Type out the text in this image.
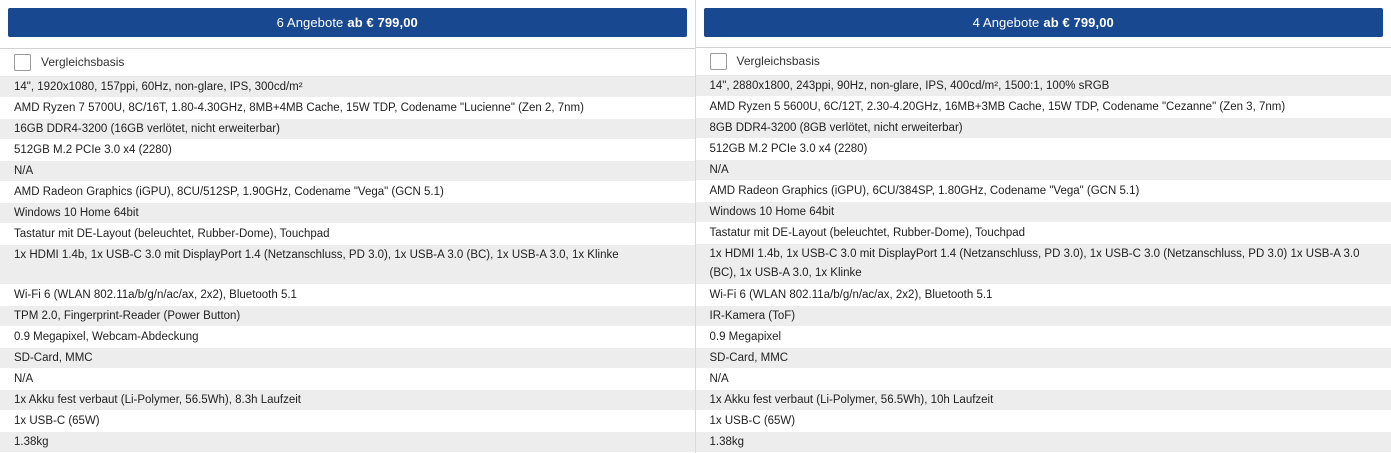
6 Angebote ab € 799,00
Vergleichsbasis
14", 1920x1080, 157ppi, 60Hz, non-glare, IPS, 300cd/m²
AMD Ryzen 7 5700U, 8C/16T, 1.80-4.30GHz, 8MB+4MB Cache, 15W TDP, Codename "Lucienne" (Zen 2, 7nm)
16GB DDR4-3200 (16GB verlötet, nicht erweiterbar)
512GB M.2 PCIe 3.0 x4 (2280)
N/A
AMD Radeon Graphics (iGPU), 8CU/512SP, 1.90GHz, Codename "Vega" (GCN 5.1)
Windows 10 Home 64bit
Tastatur mit DE-Layout (beleuchtet, Rubber-Dome), Touchpad
1x HDMI 1.4b, 1x USB-C 3.0 mit DisplayPort 1.4 (Netzanschluss, PD 3.0), 1x USB-A 3.0 (BC), 1x USB-A 3.0, 1x Klinke
Wi-Fi 6 (WLAN 802.11a/b/g/n/ac/ax, 2x2), Bluetooth 5.1
TPM 2.0, Fingerprint-Reader (Power Button)
0.9 Megapixel, Webcam-Abdeckung
SD-Card, MMC
N/A
1x Akku fest verbaut (Li-Polymer, 56.5Wh), 8.3h Laufzeit
1x USB-C (65W)
1.38kg
4 Angebote ab € 799,00
Vergleichsbasis
14", 2880x1800, 243ppi, 90Hz, non-glare, IPS, 400cd/m², 1500:1, 100% sRGB
AMD Ryzen 5 5600U, 6C/12T, 2.30-4.20GHz, 16MB+3MB Cache, 15W TDP, Codename "Cezanne" (Zen 3, 7nm)
8GB DDR4-3200 (8GB verlötet, nicht erweiterbar)
512GB M.2 PCIe 3.0 x4 (2280)
N/A
AMD Radeon Graphics (iGPU), 6CU/384SP, 1.80GHz, Codename "Vega" (GCN 5.1)
Windows 10 Home 64bit
Tastatur mit DE-Layout (beleuchtet, Rubber-Dome), Touchpad
1x HDMI 1.4b, 1x USB-C 3.0 mit DisplayPort 1.4 (Netzanschluss, PD 3.0), 1x USB-C 3.0 (Netzanschluss, PD 3.0) 1x USB-A 3.0 (BC), 1x USB-A 3.0, 1x Klinke
Wi-Fi 6 (WLAN 802.11a/b/g/n/ac/ax, 2x2), Bluetooth 5.1
IR-Kamera (ToF)
0.9 Megapixel
SD-Card, MMC
N/A
1x Akku fest verbaut (Li-Polymer, 56.5Wh), 10h Laufzeit
1x USB-C (65W)
1.38kg
